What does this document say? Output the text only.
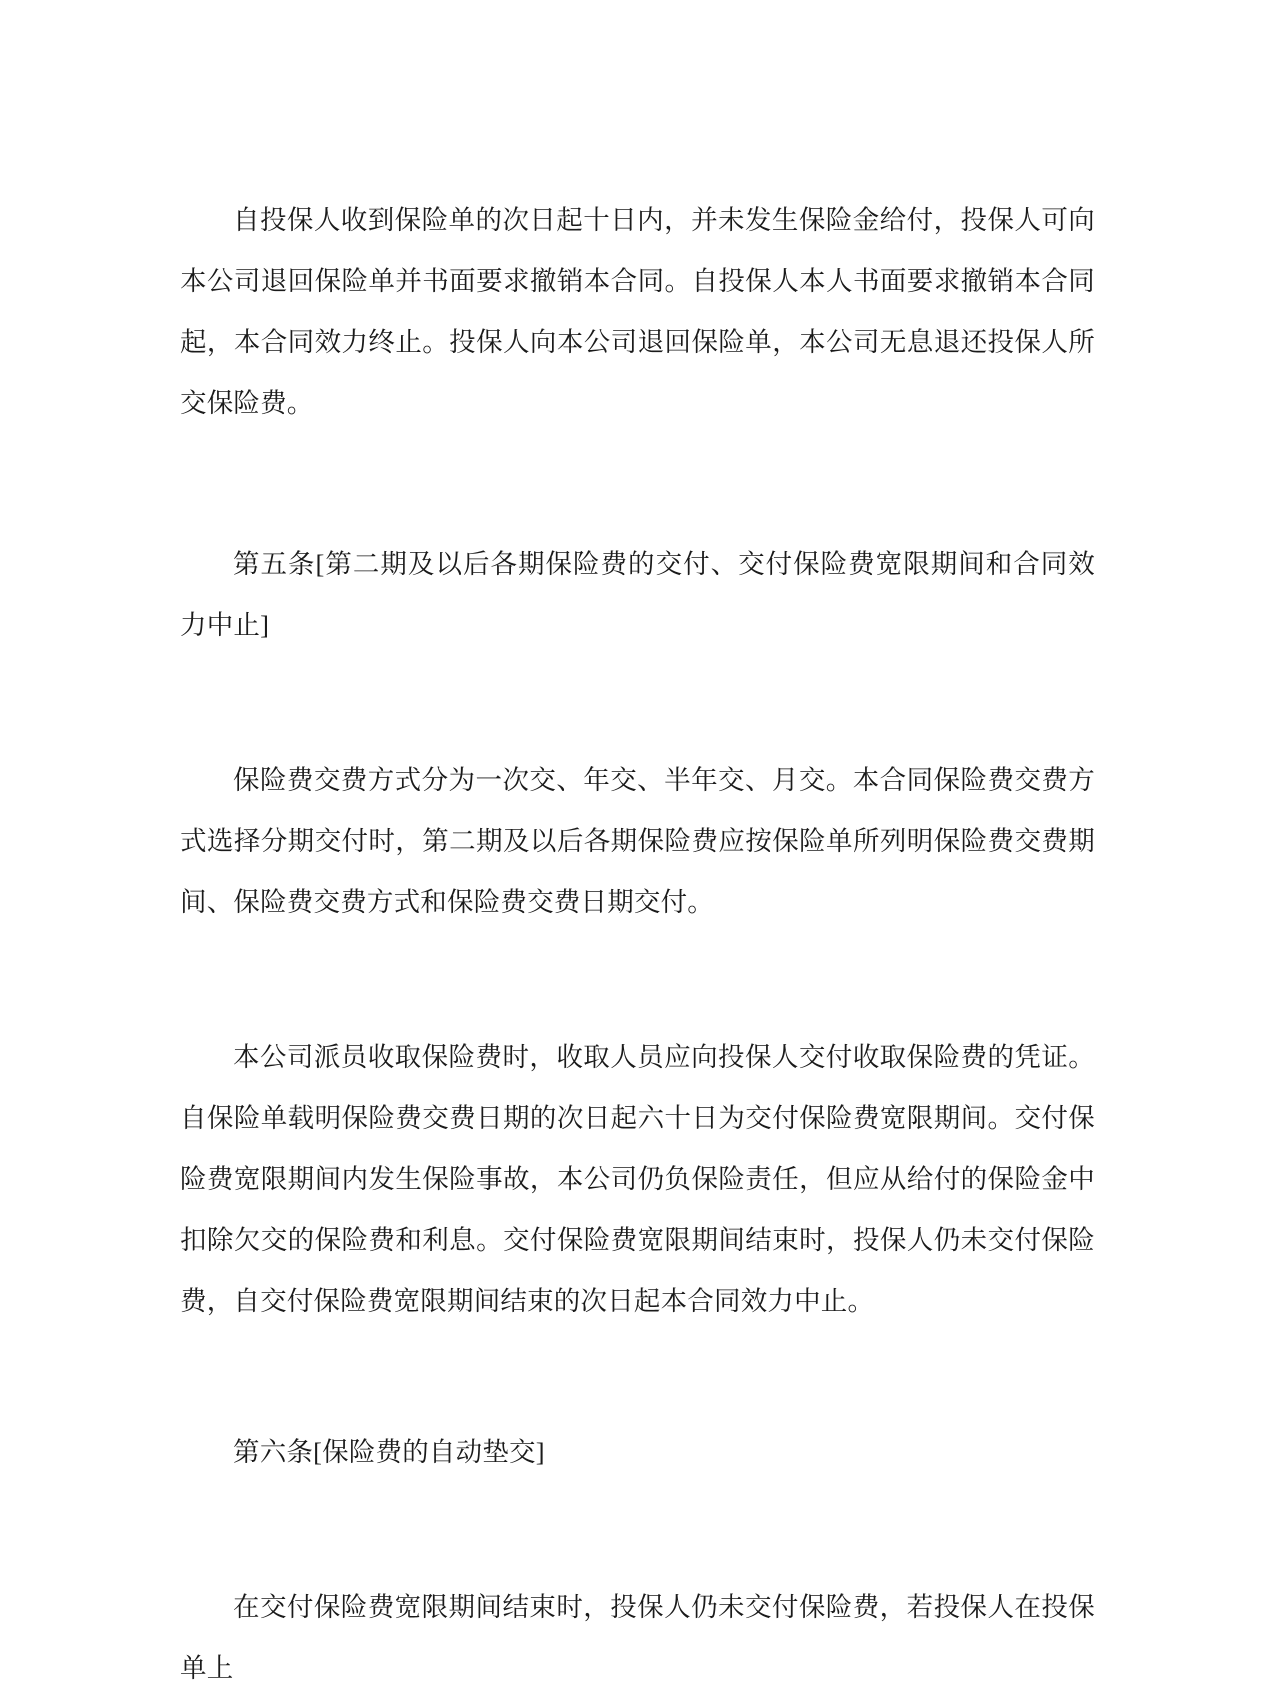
自投保人收到保险单的次日起十日内，并未发生保险金给付，投保人可向本公司退回保险单并书面要求撤销本合同。自投保人本人书面要求撤销本合同起，本合同效力终止。投保人向本公司退回保险单，本公司无息退还投保人所交保险费。

第五条[第二期及以后各期保险费的交付、交付保险费宽限期间和合同效力中止]

保险费交费方式分为一次交、年交、半年交、月交。本合同保险费交费方式选择分期交付时，第二期及以后各期保险费应按保险单所列明保险费交费期间、保险费交费方式和保险费交费日期交付。

本公司派员收取保险费时，收取人员应向投保人交付收取保险费的凭证。自保险单载明保险费交费日期的次日起六十日为交付保险费宽限期间。交付保险费宽限期间内发生保险事故，本公司仍负保险责任，但应从给付的保险金中扣除欠交的保险费和利息。交付保险费宽限期间结束时，投保人仍未交付保险费，自交付保险费宽限期间结束的次日起本合同效力中止。

第六条[保险费的自动垫交]

在交付保险费宽限期间结束时，投保人仍未交付保险费，若投保人在投保单上
